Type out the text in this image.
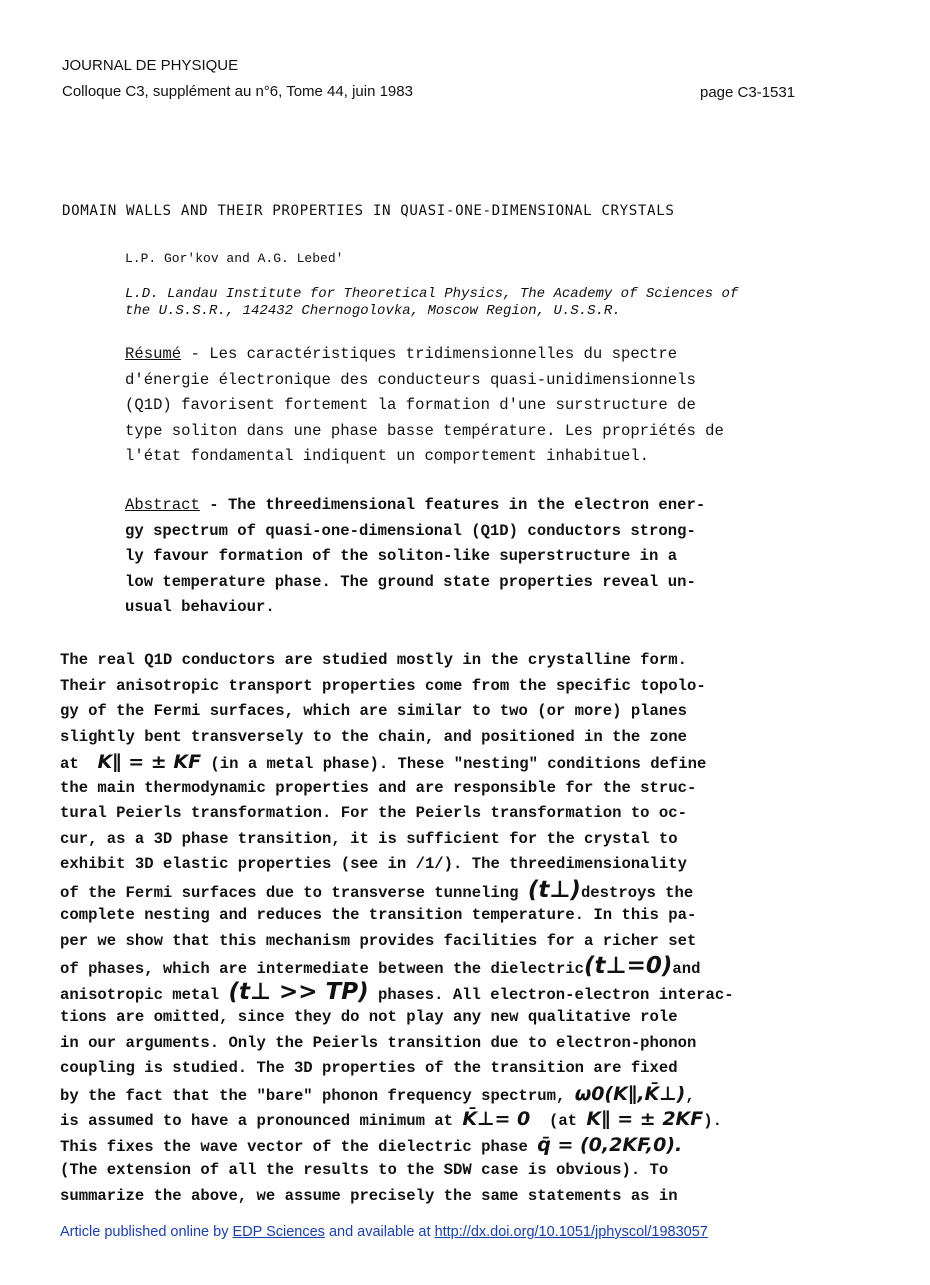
JOURNAL DE PHYSIQUE
Colloque C3, supplément au n°6, Tome 44, juin 1983	page C3-1531
DOMAIN WALLS AND THEIR PROPERTIES IN QUASI-ONE-DIMENSIONAL CRYSTALS
L.P. Gor'kov and A.G. Lebed'
L.D. Landau Institute for Theoretical Physics, The Academy of Sciences of
the U.S.S.R., 142432 Chernogolovka, Moscow Region, U.S.S.R.
Résumé - Les caractéristiques tridimensionnelles du spectre
d'énergie électronique des conducteurs quasi-unidimensionnels
(Q1D) favorisent fortement la formation d'une surstructure de
type soliton dans une phase basse température. Les propriétés de
l'état fondamental indiquent un comportement inhabituel.
Abstract - The threedimensional features in the electron ener-
gy spectrum of quasi-one-dimensional (Q1D) conductors strong-
ly favour formation of the soliton-like superstructure in a
low temperature phase. The ground state properties reveal un-
usual behaviour.
The real Q1D conductors are studied mostly in the crystalline form.
Their anisotropic transport properties come from the specific topolo-
gy of the Fermi surfaces, which are similar to two (or more) planes
slightly bent transversely to the chain, and positioned in the zone
at  K∥ = ± KF (in a metal phase). These "nesting" conditions define
the main thermodynamic properties and are responsible for the struc-
tural Peierls transformation. For the Peierls transformation to oc-
cur, as a 3D phase transition, it is sufficient for the crystal to
exhibit 3D elastic properties (see in /1/). The threedimensionality
of the Fermi surfaces due to transverse tunneling (t⊥)destroys the
complete nesting and reduces the transition temperature. In this pa-
per we show that this mechanism provides facilities for a richer set
of phases, which are intermediate between the dielectric(t⊥=0)and
anisotropic metal (t⊥ >> TP) phases. All electron-electron interac-
tions are omitted, since they do not play any new qualitative role
in our arguments. Only the Peierls transition due to electron-phonon
coupling is studied. The 3D properties of the transition are fixed
by the fact that the "bare" phonon frequency spectrum, ω0(K∥,K̄⊥),
is assumed to have a pronounced minimum at K̄⊥= 0  (at K∥ = ± 2KF).
This fixes the wave vector of the dielectric phase q̄ = (0,2KF,0).
(The extension of all the results to the SDW case is obvious). To
summarize the above, we assume precisely the same statements as in
Article published online by EDP Sciences and available at http://dx.doi.org/10.1051/jphyscol/1983057
